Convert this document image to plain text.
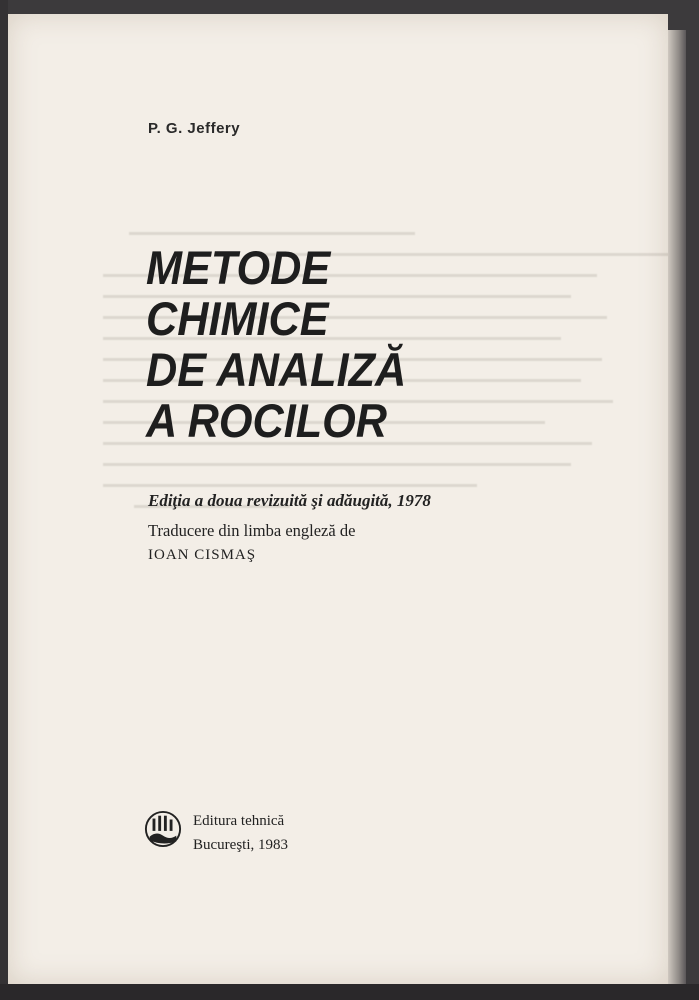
P. G. Jeffery
METODE
CHIMICE
DE ANALIZĂ
A ROCILOR
Ediţia a doua revizuită şi adăugită, 1978
Traducere din limba engleză de
IOAN CISMAŞ
Editura tehnică
Bucureşti, 1983
